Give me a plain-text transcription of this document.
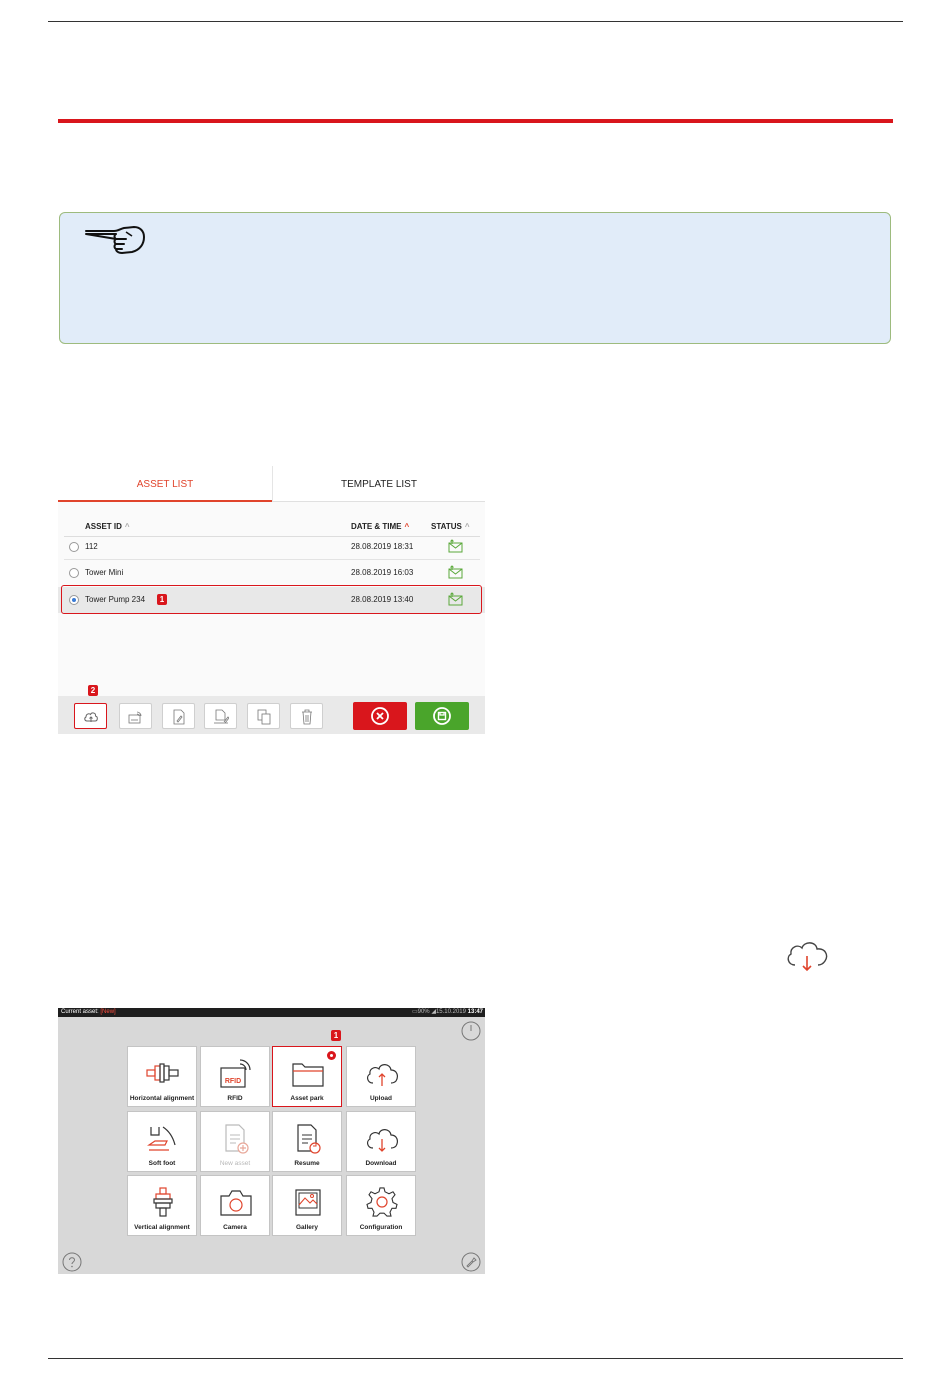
ASSET LIST	TEMPLATE LIST
ASSET ID ^	DATE & TIME ^	STATUS ^
112	28.08.2019 18:31
Tower Mini	28.08.2019 16:03
Tower Pump 234	1	28.08.2019 13:40
2
Current asset: [New]	▭90% ◢15.10.2019 13:47
1
Horizontal alignment
RFID
RFID	Asset park	Upload
Soft foot	New asset	Resume	Download
Vertical alignment	Camera	Gallery	Configuration
